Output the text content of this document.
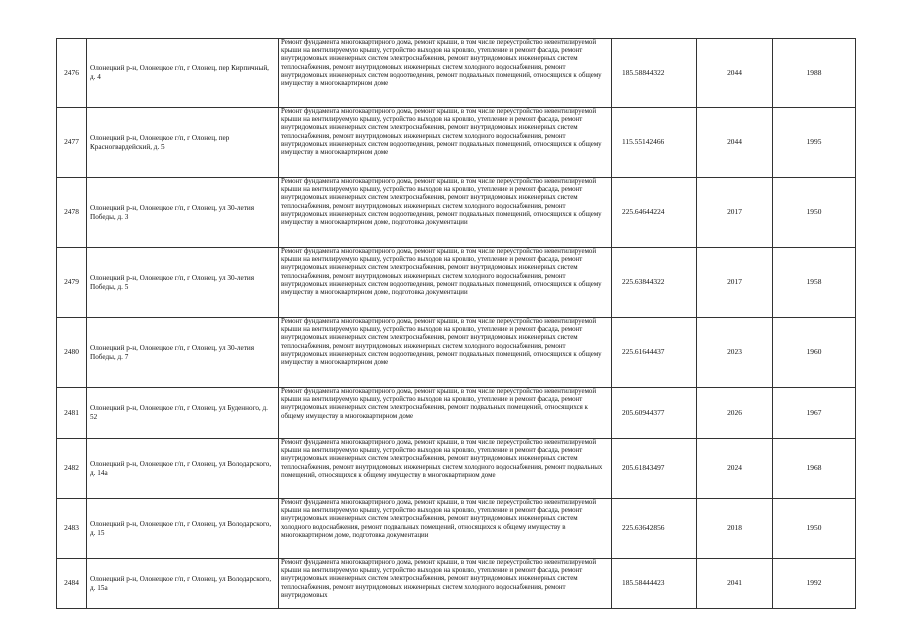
2476	Олонецкий р-н, Олонецкое г/п, г Олонец, пер Кирпичный, д. 4	Ремонт фундамента многоквартирного дома, ремонт крыши, в том числе переустройство невентилируемой крыши на вентилируемую крышу, устройство выходов на кровлю, утепление и ремонт фасада, ремонт внутридомовых инженерных систем электроснабжения, ремонт внутридомовых инженерных систем теплоснабжения, ремонт внутридомовых инженерных систем холодного водоснабжения, ремонт внутридомовых инженерных систем водоотведения, ремонт подвальных помещений, относящихся к общему имуществу в многоквартирном доме	185.58844322	2044	1988
2477	Олонецкий р-н, Олонецкое г/п, г Олонец, пер Красногвардейский, д. 5	Ремонт фундамента многоквартирного дома, ремонт крыши, в том числе переустройство невентилируемой крыши на вентилируемую крышу, устройство выходов на кровлю, утепление и ремонт фасада, ремонт внутридомовых инженерных систем электроснабжения, ремонт внутридомовых инженерных систем теплоснабжения, ремонт внутридомовых инженерных систем холодного водоснабжения, ремонт внутридомовых инженерных систем водоотведения, ремонт подвальных помещений, относящихся к общему имуществу в многоквартирном доме	115.55142466	2044	1995
2478	Олонецкий р-н, Олонецкое г/п, г Олонец, ул 30-летия Победы, д. 3	Ремонт фундамента многоквартирного дома, ремонт крыши, в том числе переустройство невентилируемой крыши на вентилируемую крышу, устройство выходов на кровлю, утепление и ремонт фасада, ремонт внутридомовых инженерных систем электроснабжения, ремонт внутридомовых инженерных систем теплоснабжения, ремонт внутридомовых инженерных систем холодного водоснабжения, ремонт внутридомовых инженерных систем водоотведения, ремонт подвальных помещений, относящихся к общему имуществу в многоквартирном доме, подготовка документации	225.64644224	2017	1950
2479	Олонецкий р-н, Олонецкое г/п, г Олонец, ул 30-летия Победы, д. 5	Ремонт фундамента многоквартирного дома, ремонт крыши, в том числе переустройство невентилируемой крыши на вентилируемую крышу, устройство выходов на кровлю, утепление и ремонт фасада, ремонт внутридомовых инженерных систем электроснабжения, ремонт внутридомовых инженерных систем теплоснабжения, ремонт внутридомовых инженерных систем холодного водоснабжения, ремонт внутридомовых инженерных систем водоотведения, ремонт подвальных помещений, относящихся к общему имуществу в многоквартирном доме, подготовка документации	225.63844322	2017	1958
2480	Олонецкий р-н, Олонецкое г/п, г Олонец, ул 30-летия Победы, д. 7	Ремонт фундамента многоквартирного дома, ремонт крыши, в том числе переустройство невентилируемой крыши на вентилируемую крышу, устройство выходов на кровлю, утепление и ремонт фасада, ремонт внутридомовых инженерных систем электроснабжения, ремонт внутридомовых инженерных систем теплоснабжения, ремонт внутридомовых инженерных систем холодного водоснабжения, ремонт внутридомовых инженерных систем водоотведения, ремонт подвальных помещений, относящихся к общему имуществу в многоквартирном доме	225.61644437	2023	1960
2481	Олонецкий р-н, Олонецкое г/п, г Олонец, ул Буденного, д. 52	Ремонт фундамента многоквартирного дома, ремонт крыши, в том числе переустройство невентилируемой крыши на вентилируемую крышу, устройство выходов на кровлю, утепление и ремонт фасада, ремонт внутридомовых инженерных систем электроснабжения, ремонт подвальных помещений, относящихся к общему имуществу в многоквартирном доме	205.60944377	2026	1967
2482	Олонецкий р-н, Олонецкое г/п, г Олонец, ул Володарского, д. 14а	Ремонт фундамента многоквартирного дома, ремонт крыши, в том числе переустройство невентилируемой крыши на вентилируемую крышу, устройство выходов на кровлю, утепление и ремонт фасада, ремонт внутридомовых инженерных систем электроснабжения, ремонт внутридомовых инженерных систем теплоснабжения, ремонт внутридомовых инженерных систем холодного водоснабжения, ремонт подвальных помещений, относящихся к общему имуществу в многоквартирном доме	205.61843497	2024	1968
2483	Олонецкий р-н, Олонецкое г/п, г Олонец, ул Володарского, д. 15	Ремонт фундамента многоквартирного дома, ремонт крыши, в том числе переустройство невентилируемой крыши на вентилируемую крышу, устройство выходов на кровлю, утепление и ремонт фасада, ремонт внутридомовых инженерных систем электроснабжения, ремонт внутридомовых инженерных систем холодного водоснабжения, ремонт подвальных помещений, относящихся к общему имуществу в многоквартирном доме, подготовка документации	225.63642856	2018	1950
2484	Олонецкий р-н, Олонецкое г/п, г Олонец, ул Володарского, д. 15а	Ремонт фундамента многоквартирного дома, ремонт крыши, в том числе переустройство невентилируемой крыши на вентилируемую крышу, устройство выходов на кровлю, утепление и ремонт фасада, ремонт внутридомовых инженерных систем электроснабжения, ремонт внутридомовых инженерных систем теплоснабжения, ремонт внутридомовых инженерных систем холодного водоснабжения, ремонт внутридомовых	185.58444423	2041	1992
